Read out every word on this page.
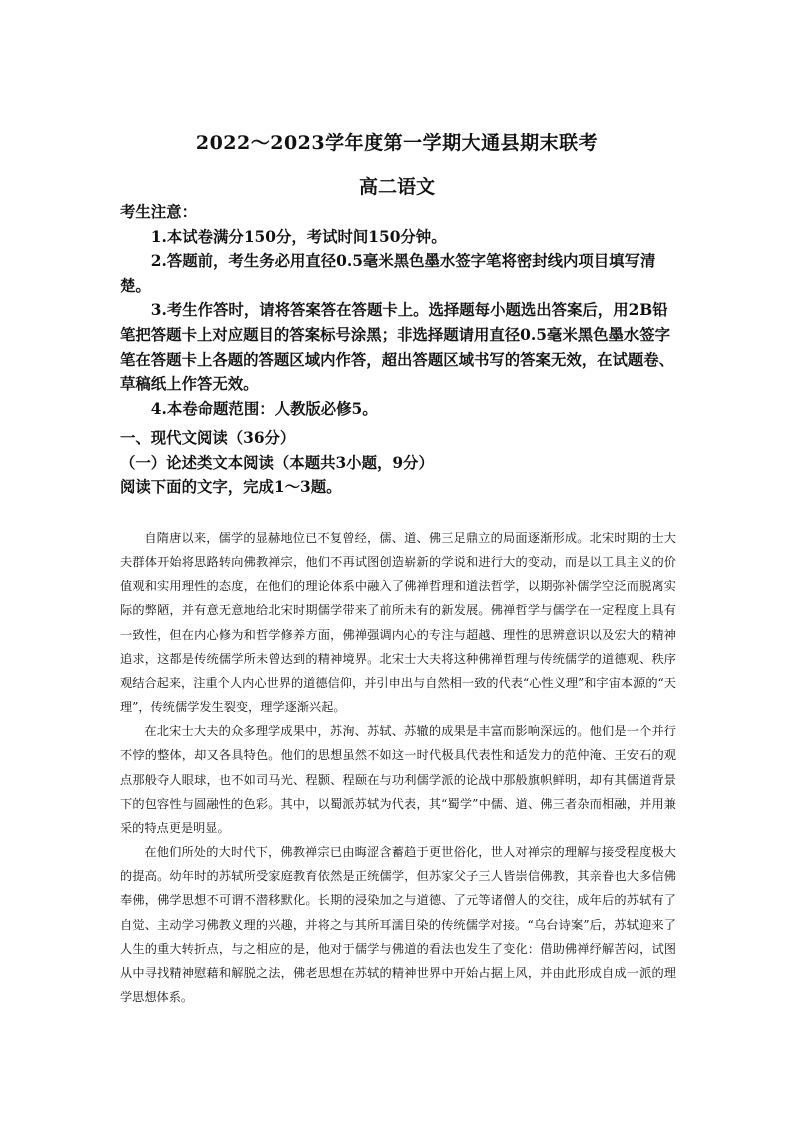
2022～2023学年度第一学期大通县期末联考
高二语文

考生注意：

1.本试卷满分150分，考试时间150分钟。

2.答题前，考生务必用直径0.5毫米黑色墨水签字笔将密封线内项目填写清楚。

3.考生作答时，请将答案答在答题卡上。选择题每小题选出答案后，用2B铅笔把答题卡上对应题目的答案标号涂黑；非选择题请用直径0.5毫米黑色墨水签字笔在答题卡上各题的答题区域内作答，超出答题区域书写的答案无效，在试题卷、草稿纸上作答无效。

4.本卷命题范围：人教版必修5。

一、现代文阅读（36分）

（一）论述类文本阅读（本题共3小题，9分）

阅读下面的文字，完成1～3题。

自隋唐以来，儒学的显赫地位已不复曾经，儒、道、佛三足鼎立的局面逐渐形成。北宋时期的士大夫群体开始将思路转向佛教禅宗，他们不再试图创造崭新的学说和进行大的变动，而是以工具主义的价值观和实用理性的态度，在他们的理论体系中融入了佛禅哲理和道法哲学，以期弥补儒学空泛而脱离实际的弊陋，并有意无意地给北宋时期儒学带来了前所未有的新发展。佛禅哲学与儒学在一定程度上具有一致性，但在内心修为和哲学修养方面，佛禅强调内心的专注与超越、理性的思辨意识以及宏大的精神追求，这都是传统儒学所未曾达到的精神境界。北宋士大夫将这种佛禅哲理与传统儒学的道德观、秩序观结合起来，注重个人内心世界的道德信仰，并引申出与自然相一致的代表“心性义理”和宇宙本源的“天理”，传统儒学发生裂变，理学逐渐兴起。

在北宋士大夫的众多理学成果中，苏洵、苏轼、苏辙的成果是丰富而影响深远的。他们是一个并行不悖的整体，却又各具特色。他们的思想虽然不如这一时代极具代表性和适发力的范仲淹、王安石的观点那般夺人眼球，也不如司马光、程颢、程颐在与功利儒学派的论战中那般旗帜鲜明，却有其儒道背景下的包容性与圆融性的色彩。其中，以蜀派苏轼为代表，其“蜀学”中儒、道、佛三者杂而相融，并用兼采的特点更是明显。

在他们所处的大时代下，佛教禅宗已由晦涩含蓄趋于更世俗化，世人对禅宗的理解与接受程度极大的提高。幼年时的苏轼所受家庭教育依然是正统儒学，但苏家父子三人皆崇信佛教，其亲眷也大多信佛奉佛，佛学思想不可谓不潜移默化。长期的浸染加之与道德、了元等诸僧人的交往，成年后的苏轼有了自觉、主动学习佛教义理的兴趣，并将之与其所耳濡目染的传统儒学对接。“乌台诗案”后，苏轼迎来了人生的重大转折点，与之相应的是，他对于儒学与佛道的看法也发生了变化：借助佛禅纾解苦闷，试图从中寻找精神慰藉和解脱之法，佛老思想在苏轼的精神世界中开始占据上风，并由此形成自成一派的理学思想体系。
